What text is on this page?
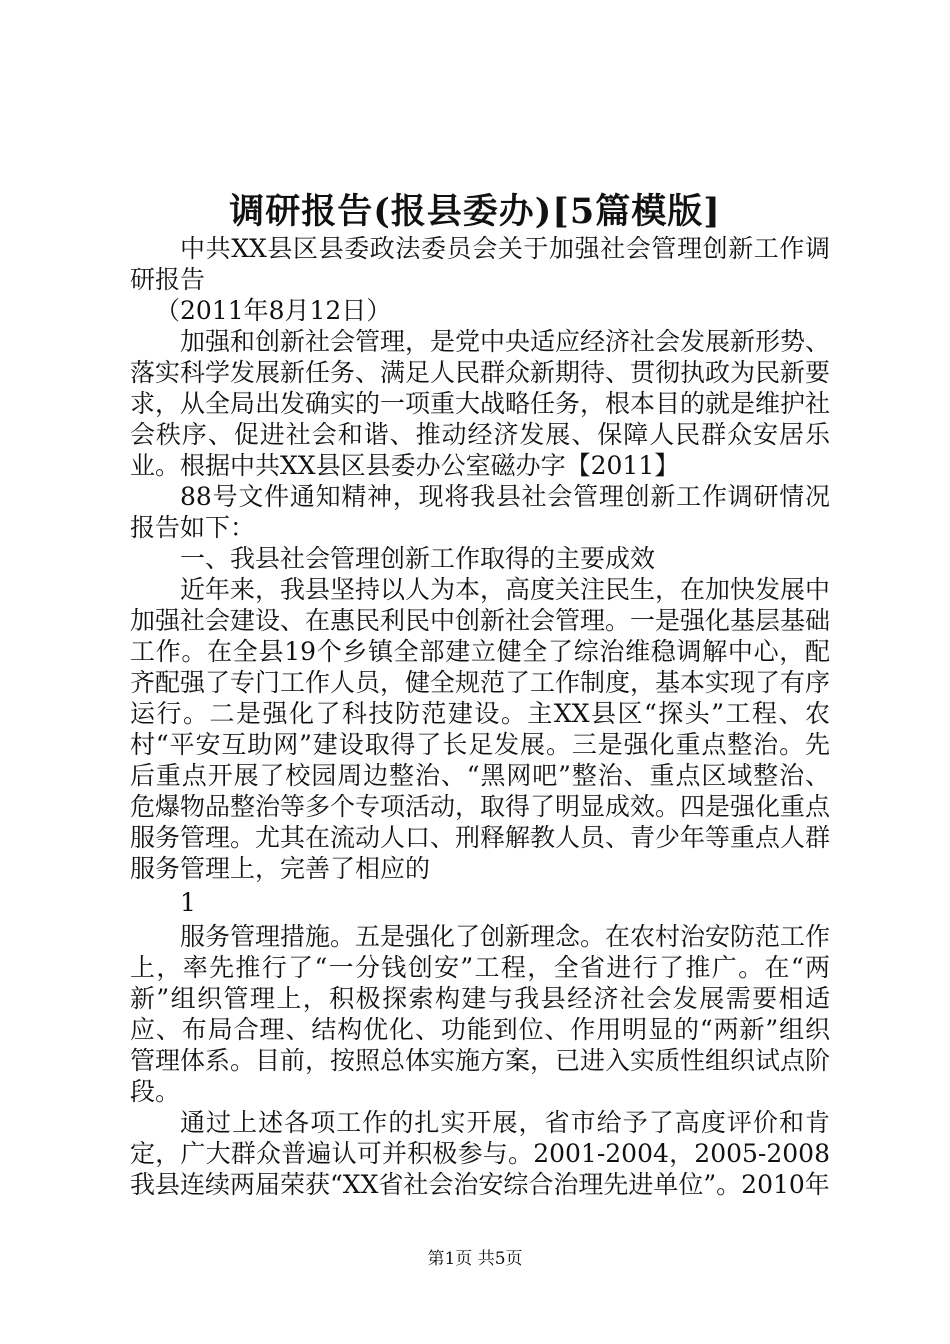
调研报告(报县委办)[5篇模版]

中共XX县区县委政法委员会关于加强社会管理创新工作调研报告

（2011年8月12日）

加强和创新社会管理，是党中央适应经济社会发展新形势、落实科学发展新任务、满足人民群众新期待、贯彻执政为民新要求，从全局出发确实的一项重大战略任务，根本目的就是维护社会秩序、促进社会和谐、推动经济发展、保障人民群众安居乐业。根据中共XX县区县委办公室磁办字【2011】

88号文件通知精神，现将我县社会管理创新工作调研情况报告如下：

一、我县社会管理创新工作取得的主要成效

近年来，我县坚持以人为本，高度关注民生，在加快发展中加强社会建设、在惠民利民中创新社会管理。一是强化基层基础工作。在全县19个乡镇全部建立健全了综治维稳调解中心，配齐配强了专门工作人员，健全规范了工作制度，基本实现了有序运行。二是强化了科技防范建设。主XX县区“探头”工程、农村“平安互助网”建设取得了长足发展。三是强化重点整治。先后重点开展了校园周边整治、“黑网吧”整治、重点区域整治、危爆物品整治等多个专项活动，取得了明显成效。四是强化重点服务管理。尤其在流动人口、刑释解教人员、青少年等重点人群服务管理上，完善了相应的

1

服务管理措施。五是强化了创新理念。在农村治安防范工作上，率先推行了“一分钱创安”工程，全省进行了推广。在“两新”组织管理上，积极探索构建与我县经济社会发展需要相适应、布局合理、结构优化、功能到位、作用明显的“两新”组织管理体系。目前，按照总体实施方案，已进入实质性组织试点阶段。

通过上述各项工作的扎实开展，省市给予了高度评价和肯定，广大群众普遍认可并积极参与。2001-2004，2005-2008我县连续两届荣获“XX省社会治安综合治理先进单位”。2010年

第1页 共5页
